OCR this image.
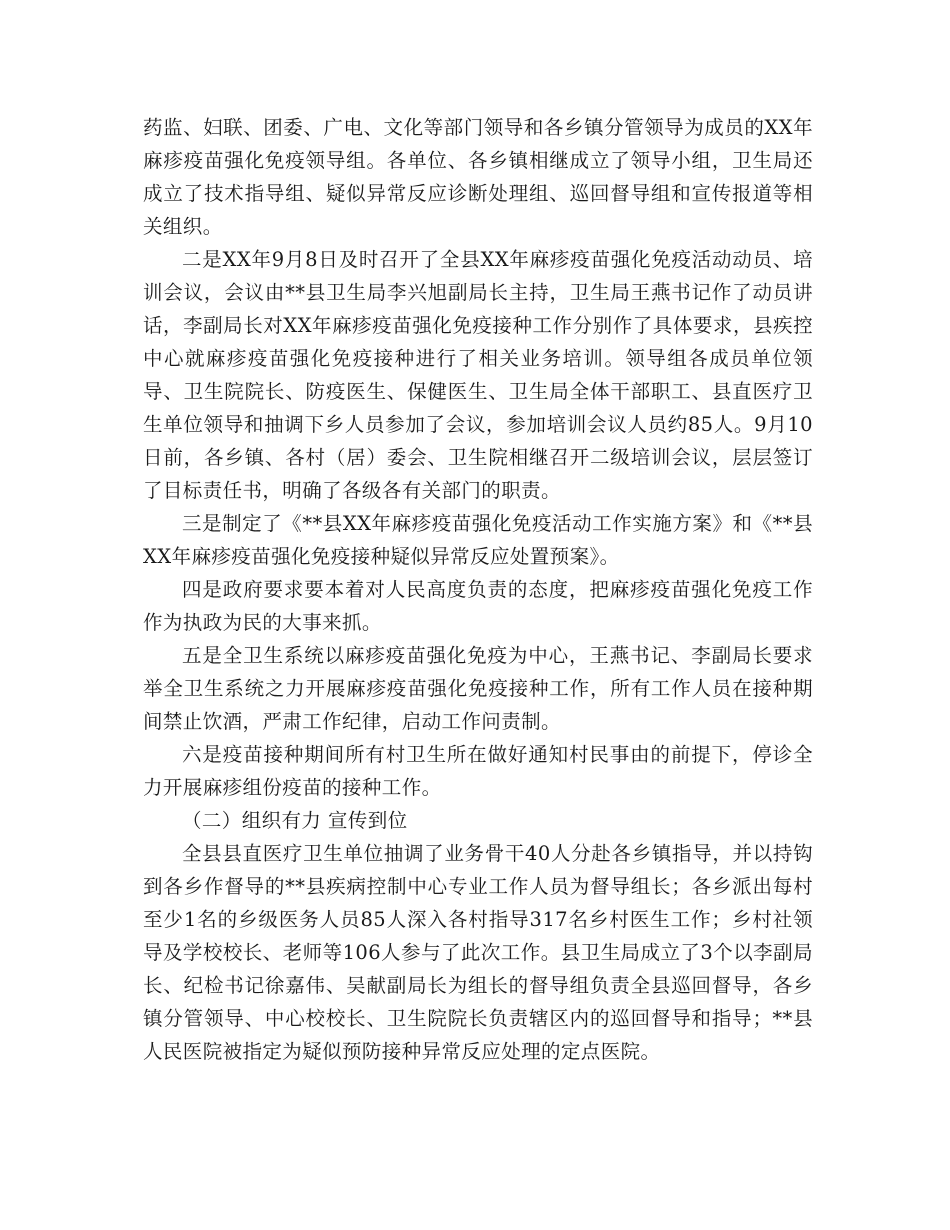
药监、妇联、团委、广电、文化等部门领导和各乡镇分管领导为成员的XX年麻疹疫苗强化免疫领导组。各单位、各乡镇相继成立了领导小组，卫生局还成立了技术指导组、疑似异常反应诊断处理组、巡回督导组和宣传报道等相关组织。

二是XX年9月8日及时召开了全县XX年麻疹疫苗强化免疫活动动员、培训会议，会议由**县卫生局李兴旭副局长主持，卫生局王燕书记作了动员讲话，李副局长对XX年麻疹疫苗强化免疫接种工作分别作了具体要求，县疾控中心就麻疹疫苗强化免疫接种进行了相关业务培训。领导组各成员单位领导、卫生院院长、防疫医生、保健医生、卫生局全体干部职工、县直医疗卫生单位领导和抽调下乡人员参加了会议，参加培训会议人员约85人。9月10日前，各乡镇、各村（居）委会、卫生院相继召开二级培训会议，层层签订了目标责任书，明确了各级各有关部门的职责。

三是制定了《**县XX年麻疹疫苗强化免疫活动工作实施方案》和《**县XX年麻疹疫苗强化免疫接种疑似异常反应处置预案》。

四是政府要求要本着对人民高度负责的态度，把麻疹疫苗强化免疫工作作为执政为民的大事来抓。

五是全卫生系统以麻疹疫苗强化免疫为中心，王燕书记、李副局长要求举全卫生系统之力开展麻疹疫苗强化免疫接种工作，所有工作人员在接种期间禁止饮酒，严肃工作纪律，启动工作问责制。

六是疫苗接种期间所有村卫生所在做好通知村民事由的前提下，停诊全力开展麻疹组份疫苗的接种工作。

（二）组织有力 宣传到位

全县县直医疗卫生单位抽调了业务骨干40人分赴各乡镇指导，并以持钩到各乡作督导的**县疾病控制中心专业工作人员为督导组长；各乡派出每村至少1名的乡级医务人员85人深入各村指导317名乡村医生工作；乡村社领导及学校校长、老师等106人参与了此次工作。县卫生局成立了3个以李副局长、纪检书记徐嘉伟、吴献副局长为组长的督导组负责全县巡回督导，各乡镇分管领导、中心校校长、卫生院院长负责辖区内的巡回督导和指导；**县人民医院被指定为疑似预防接种异常反应处理的定点医院。
